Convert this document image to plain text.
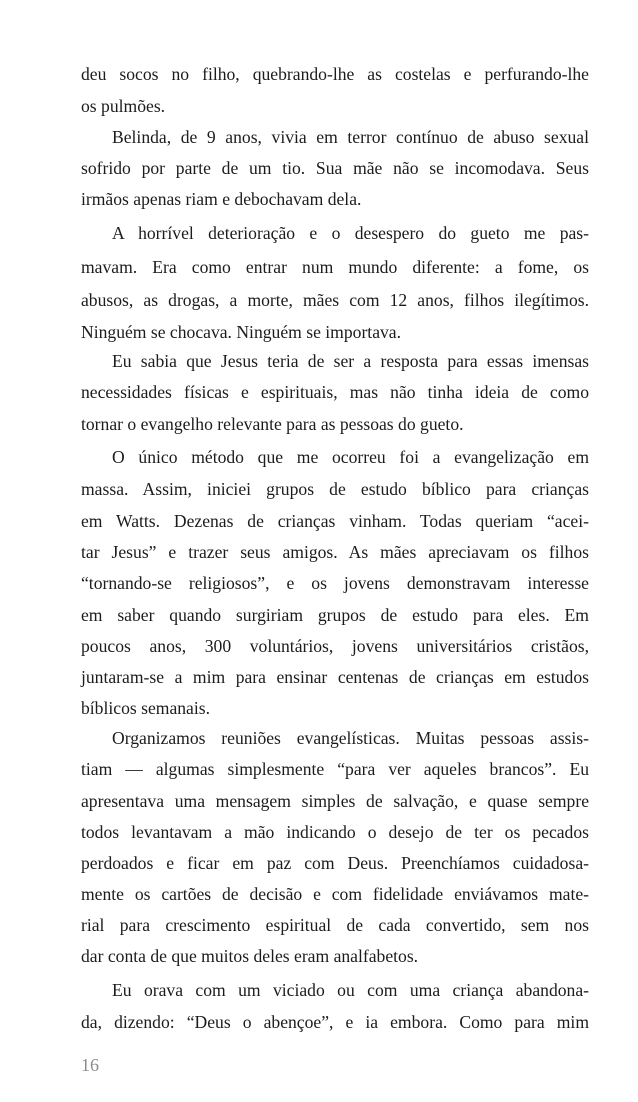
deu socos no filho, quebrando-lhe as costelas e perfurando-lhe
os pulmões.
Belinda, de 9 anos, vivia em terror contínuo de abuso sexual
sofrido por parte de um tio. Sua mãe não se incomodava. Seus
irmãos apenas riam e debochavam dela.
A horrível deterioração e o desespero do gueto me pas-
mavam. Era como entrar num mundo diferente: a fome, os
abusos, as drogas, a morte, mães com 12 anos, filhos ilegítimos.
Ninguém se chocava. Ninguém se importava.
Eu sabia que Jesus teria de ser a resposta para essas imensas
necessidades físicas e espirituais, mas não tinha ideia de como
tornar o evangelho relevante para as pessoas do gueto.
O único método que me ocorreu foi a evangelização em
massa. Assim, iniciei grupos de estudo bíblico para crianças
em Watts. Dezenas de crianças vinham. Todas queriam “acei-
tar Jesus” e trazer seus amigos. As mães apreciavam os filhos
“tornando-se religiosos”, e os jovens demonstravam interesse
em saber quando surgiriam grupos de estudo para eles. Em
poucos anos, 300 voluntários, jovens universitários cristãos,
juntaram-se a mim para ensinar centenas de crianças em estudos
bíblicos semanais.
Organizamos reuniões evangelísticas. Muitas pessoas assis-
tiam — algumas simplesmente “para ver aqueles brancos”. Eu
apresentava uma mensagem simples de salvação, e quase sempre
todos levantavam a mão indicando o desejo de ter os pecados
perdoados e ficar em paz com Deus. Preenchíamos cuidadosa-
mente os cartões de decisão e com fidelidade enviávamos mate-
rial para crescimento espiritual de cada convertido, sem nos
dar conta de que muitos deles eram analfabetos.
Eu orava com um viciado ou com uma criança abandona-
da, dizendo: “Deus o abençoe”, e ia embora. Como para mim
16
